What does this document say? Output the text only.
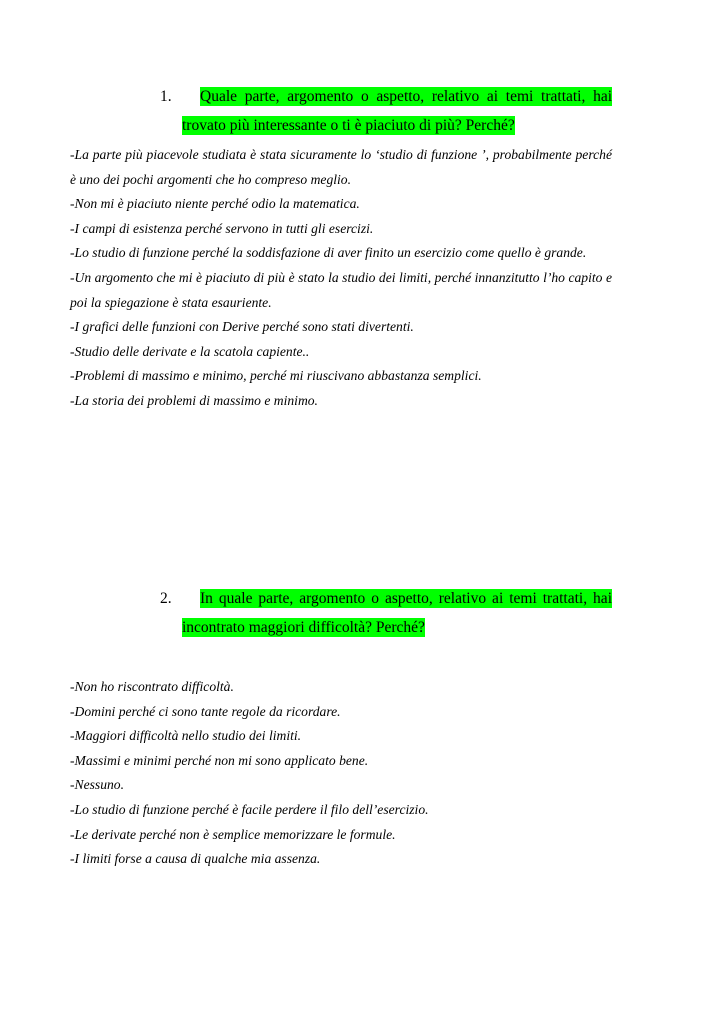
1.	Quale parte, argomento o aspetto, relativo ai temi trattati, hai trovato più interessante o ti è piaciuto di più? Perché?
-La parte più piacevole studiata è stata sicuramente lo ‘studio di funzione ’, probabilmente perché è uno dei pochi argomenti che ho compreso meglio.
-Non mi è piaciuto niente perché odio la matematica.
-I campi di esistenza perché servono in tutti gli esercizi.
-Lo studio di funzione perché la soddisfazione di aver finito un esercizio come quello è grande.
-Un argomento che mi è piaciuto di più è stato la studio dei limiti, perché innanzitutto l’ho capito e poi la spiegazione è stata esauriente.
-I grafici delle funzioni con Derive perché sono stati divertenti.
-Studio delle derivate e la scatola capiente..
-Problemi di massimo e minimo, perché mi riuscivano abbastanza semplici.
-La storia dei problemi di massimo e minimo.
2.	In quale parte, argomento o aspetto, relativo ai temi trattati, hai incontrato maggiori difficoltà? Perché?
-Non ho riscontrato difficoltà.
-Domini perché ci sono tante regole da ricordare.
-Maggiori difficoltà nello studio dei limiti.
-Massimi e minimi perché non mi sono applicato bene.
-Nessuno.
-Lo studio di funzione perché è facile perdere il filo dell’esercizio.
-Le derivate perché non è semplice memorizzare le formule.
-I limiti forse a causa di qualche mia assenza.
